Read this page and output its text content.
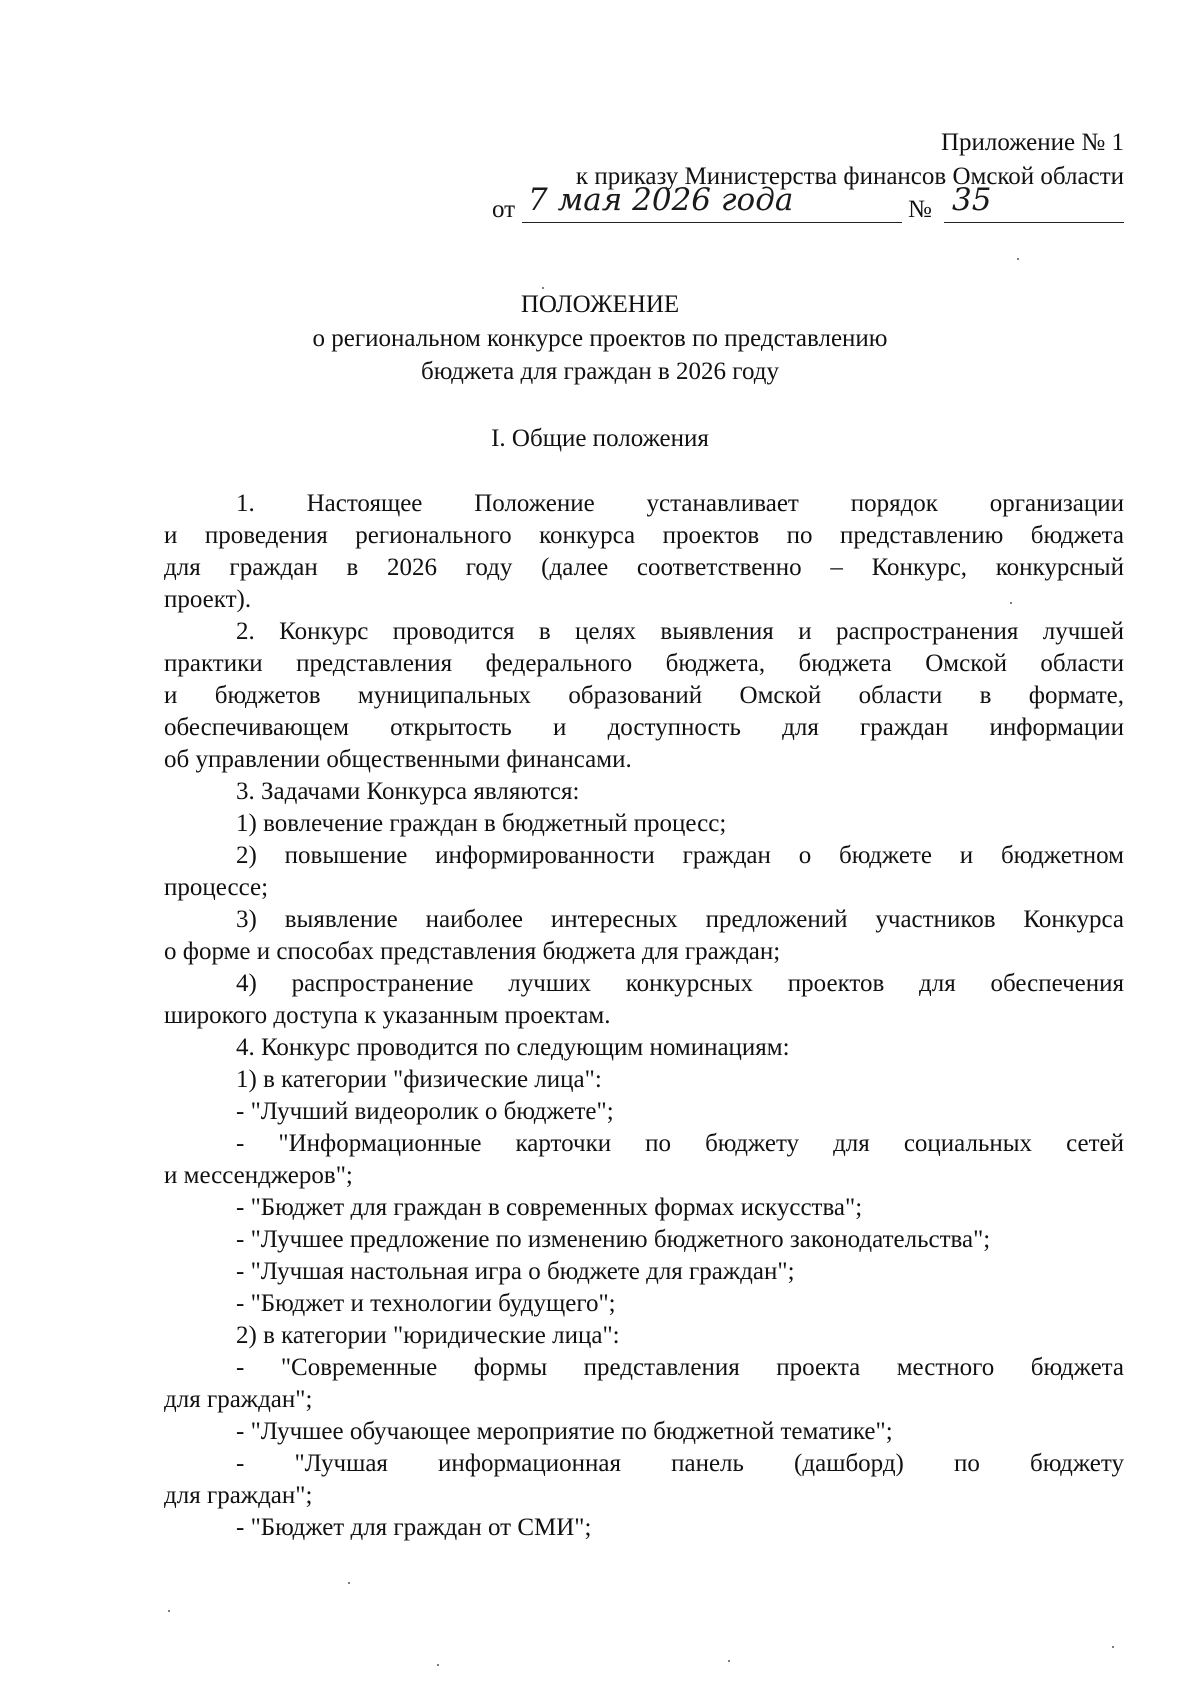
Приложение № 1
к приказу Министерства финансов Омской области
от 7 мая 2026 года	№ 35
ПОЛОЖЕНИЕ
о региональном конкурсе проектов по представлению
бюджета для граждан в 2026 году
I. Общие положения
1. Настоящее Положение устанавливает порядок организации
и проведения регионального конкурса проектов по представлению бюджета
для граждан в 2026 году (далее соответственно – Конкурс, конкурсный
проект).
2. Конкурс проводится в целях выявления и распространения лучшей
практики представления федерального бюджета, бюджета Омской области
и бюджетов муниципальных образований Омской области в формате,
обеспечивающем открытость и доступность для граждан информации
об управлении общественными финансами.
3. Задачами Конкурса являются:
1) вовлечение граждан в бюджетный процесс;
2) повышение информированности граждан о бюджете и бюджетном
процессе;
3) выявление наиболее интересных предложений участников Конкурса
о форме и способах представления бюджета для граждан;
4) распространение лучших конкурсных проектов для обеспечения
широкого доступа к указанным проектам.
4. Конкурс проводится по следующим номинациям:
1) в категории "физические лица":
- "Лучший видеоролик о бюджете";
- "Информационные карточки по бюджету для социальных сетей
и мессенджеров";
- "Бюджет для граждан в современных формах искусства";
- "Лучшее предложение по изменению бюджетного законодательства";
- "Лучшая настольная игра о бюджете для граждан";
- "Бюджет и технологии будущего";
2) в категории "юридические лица":
- "Современные формы представления проекта местного бюджета
для граждан";
- "Лучшее обучающее мероприятие по бюджетной тематике";
- "Лучшая информационная панель (дашборд) по бюджету
для граждан";
- "Бюджет для граждан от СМИ";
